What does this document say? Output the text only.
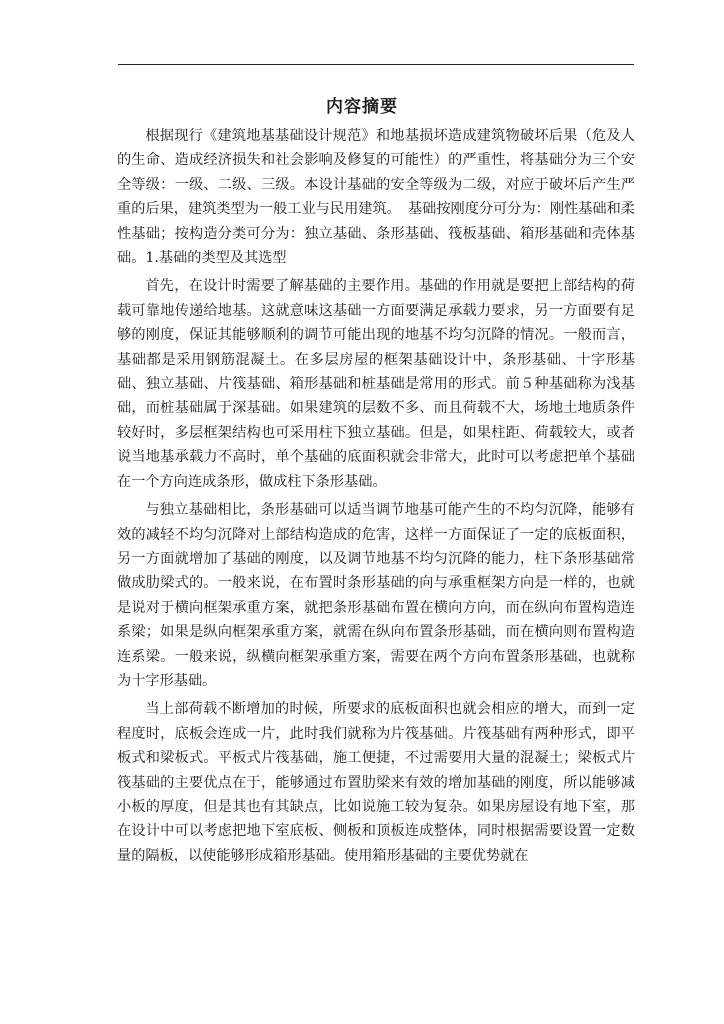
内容摘要

根据现行《建筑地基基础设计规范》和地基损坏造成建筑物破坏后果（危及人的生命、造成经济损失和社会影响及修复的可能性）的严重性，将基础分为三个安全等级：一级、二级、三级。本设计基础的安全等级为二级，对应于破坏后产生严重的后果，建筑类型为一般工业与民用建筑。　基础按刚度分可分为：刚性基础和柔性基础；按构造分类可分为：独立基础、条形基础、筏板基础、箱形基础和壳体基础。1.基础的类型及其选型

首先，在设计时需要了解基础的主要作用。基础的作用就是要把上部结构的荷载可靠地传递给地基。这就意味这基础一方面要满足承载力要求，另一方面要有足够的刚度，保证其能够顺利的调节可能出现的地基不均匀沉降的情况。一般而言，基础都是采用钢筋混凝土。在多层房屋的框架基础设计中，条形基础、十字形基础、独立基础、片筏基础、箱形基础和桩基础是常用的形式。前５种基础称为浅基础，而桩基础属于深基础。如果建筑的层数不多、而且荷载不大，场地土地质条件较好时，多层框架结构也可采用柱下独立基础。但是，如果柱距、荷载较大，或者说当地基承载力不高时，单个基础的底面积就会非常大，此时可以考虑把单个基础在一个方向连成条形，做成柱下条形基础。

与独立基础相比，条形基础可以适当调节地基可能产生的不均匀沉降，能够有效的减轻不均匀沉降对上部结构造成的危害，这样一方面保证了一定的底板面积，另一方面就增加了基础的刚度，以及调节地基不均匀沉降的能力，柱下条形基础常做成肋梁式的。一般来说，在布置时条形基础的向与承重框架方向是一样的，也就是说对于横向框架承重方案，就把条形基础布置在横向方向，而在纵向布置构造连系梁；如果是纵向框架承重方案，就需在纵向布置条形基础，而在横向则布置构造连系梁。一般来说，纵横向框架承重方案，需要在两个方向布置条形基础，也就称为十字形基础。

当上部荷载不断增加的时候，所要求的底板面积也就会相应的增大，而到一定程度时，底板会连成一片，此时我们就称为片筏基础。片筏基础有两种形式，即平板式和梁板式。平板式片筏基础，施工便捷，不过需要用大量的混凝土；梁板式片筏基础的主要优点在于，能够通过布置肋梁来有效的增加基础的刚度，所以能够减小板的厚度，但是其也有其缺点，比如说施工较为复杂。如果房屋设有地下室，那在设计中可以考虑把地下室底板、侧板和顶板连成整体，同时根据需要设置一定数量的隔板，以使能够形成箱形基础。使用箱形基础的主要优势就在
